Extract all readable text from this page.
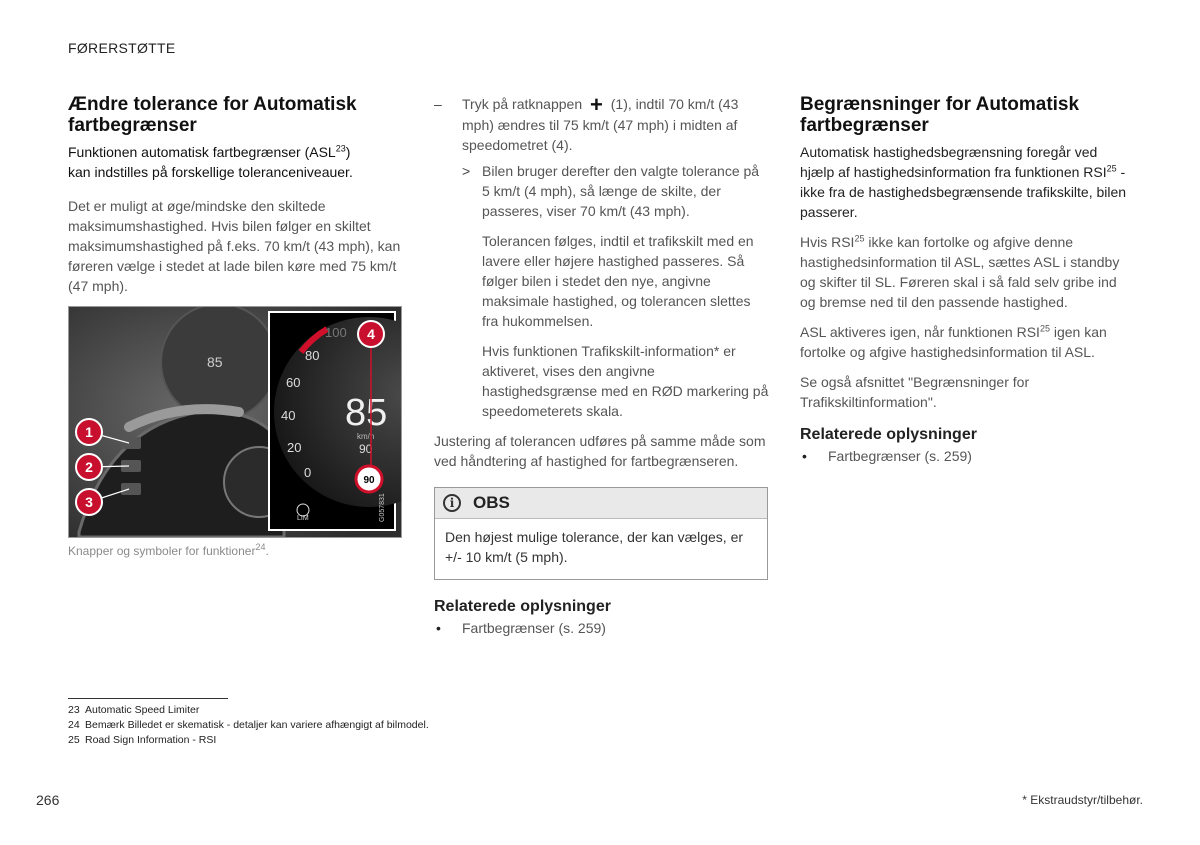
FØRERSTØTTE
Ændre tolerance for Automatisk fartbegrænser
Funktionen automatisk fartbegrænser (ASL$^{23}$)
kan indstilles på forskellige toleranceniveauer.

Det er muligt at øge/mindske den skiltede maksimumshastighed. Hvis bilen følger en skiltet maksimumshastighed på f.eks. 70 km/t (43 mph), kan føreren vælge i stedet at lade bilen køre med 75 km/t (47 mph).

85
100
80
60
40
20
0
85
km/h
90
90
LIM	G057831
1
2
3
4
Knapper og symboler for funktioner$^{24}$.
– Tryk på ratknappen + (1), indtil 70 km/t (43 mph) ændres til 75 km/t (47 mph) i midten af speedometret (4).
> Bilen bruger derefter den valgte tolerance på 5 km/t (4 mph), så længe de skilte, der passeres, viser 70 km/t (43 mph).
Tolerancen følges, indtil et trafikskilt med en lavere eller højere hastighed passeres. Så følger bilen i stedet den nye, angivne maksimale hastighed, og tolerancen slettes fra hukommelsen.
Hvis funktionen Trafikskilt-information* er aktiveret, vises den angivne hastighedsgrænse med en RØD markering på speedometerets skala.

Justering af tolerancen udføres på samme måde som ved håndtering af hastighed for fartbegrænseren.

i	OBS
Den højest mulige tolerance, der kan vælges, er +/- 10 km/t (5 mph).
Relaterede oplysninger
• Fartbegrænser (s. 259)
Begrænsninger for Automatisk fartbegrænser

Automatisk hastighedsbegrænsning foregår ved hjælp af hastighedsinformation fra funktionen RSI$^{25}$ - ikke fra de hastighedsbegrænsende trafikskilte, bilen passerer.

Hvis RSI$^{25}$ ikke kan fortolke og afgive denne hastighedsinformation til ASL, sættes ASL i standby og skifter til SL. Føreren skal i så fald selv gribe ind og bremse ned til den passende hastighed.

ASL aktiveres igen, når funktionen RSI$^{25}$ igen kan fortolke og afgive hastighedsinformation til ASL.

Se også afsnittet "Begrænsninger for Trafikskiltinformation".

Relaterede oplysninger
• Fartbegrænser (s. 259)
23 Automatic Speed Limiter
24 Bemærk Billedet er skematisk - detaljer kan variere afhængigt af bilmodel.
25 Road Sign Information - RSI
266	* Ekstraudstyr/tilbehør.
